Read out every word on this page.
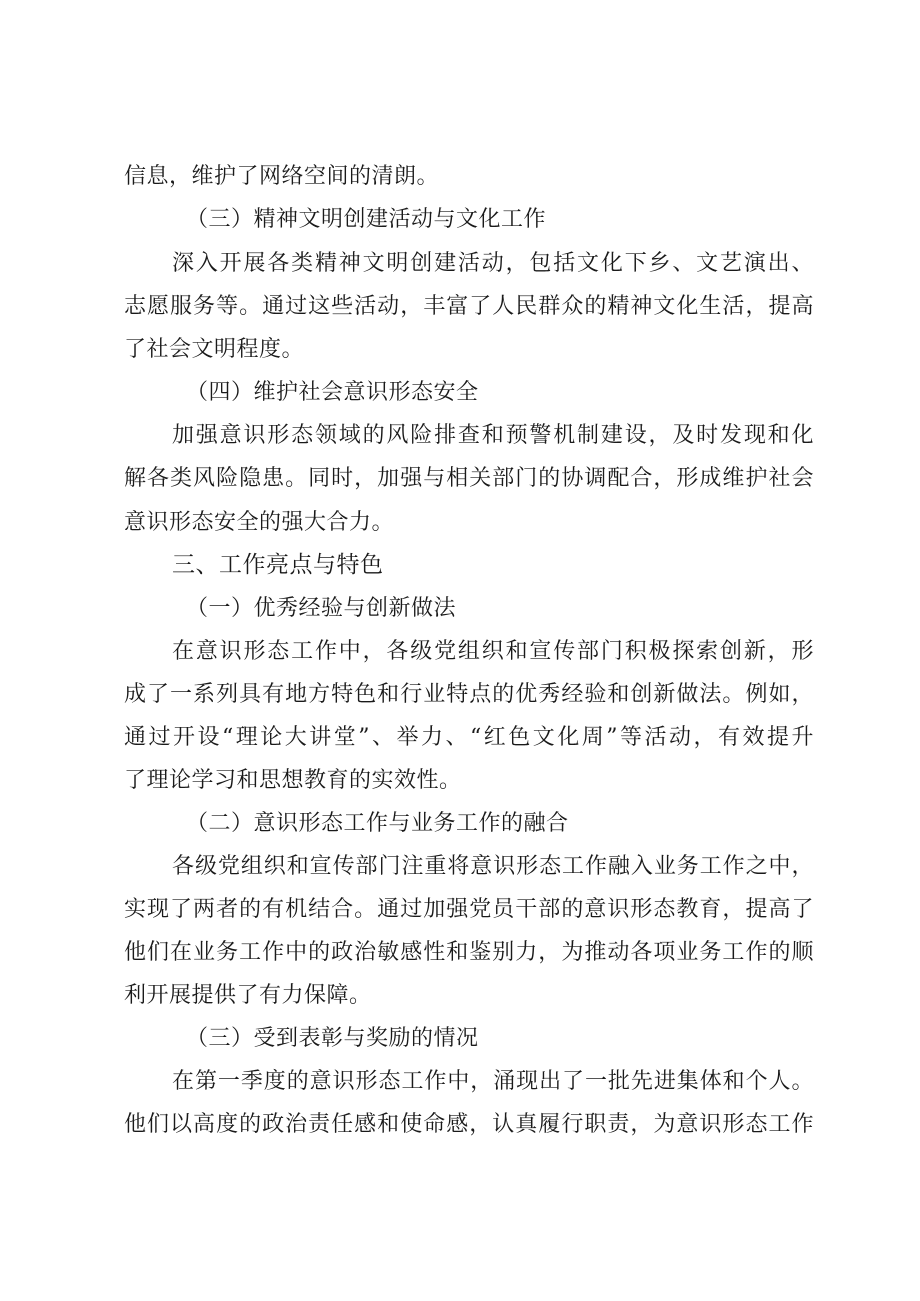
信息，维护了网络空间的清朗。
（三）精神文明创建活动与文化工作
深入开展各类精神文明创建活动，包括文化下乡、文艺演出、
志愿服务等。通过这些活动，丰富了人民群众的精神文化生活，提高
了社会文明程度。
（四）维护社会意识形态安全
加强意识形态领域的风险排查和预警机制建设，及时发现和化
解各类风险隐患。同时，加强与相关部门的协调配合，形成维护社会
意识形态安全的强大合力。
三、工作亮点与特色
（一）优秀经验与创新做法
在意识形态工作中，各级党组织和宣传部门积极探索创新，形
成了一系列具有地方特色和行业特点的优秀经验和创新做法。例如，
通过开设“理论大讲堂”、举力、“红色文化周”等活动，有效提升
了理论学习和思想教育的实效性。
（二）意识形态工作与业务工作的融合
各级党组织和宣传部门注重将意识形态工作融入业务工作之中，
实现了两者的有机结合。通过加强党员干部的意识形态教育，提高了
他们在业务工作中的政治敏感性和鉴别力，为推动各项业务工作的顺
利开展提供了有力保障。
（三）受到表彰与奖励的情况
在第一季度的意识形态工作中，涌现出了一批先进集体和个人。
他们以高度的政治责任感和使命感，认真履行职责，为意识形态工作
